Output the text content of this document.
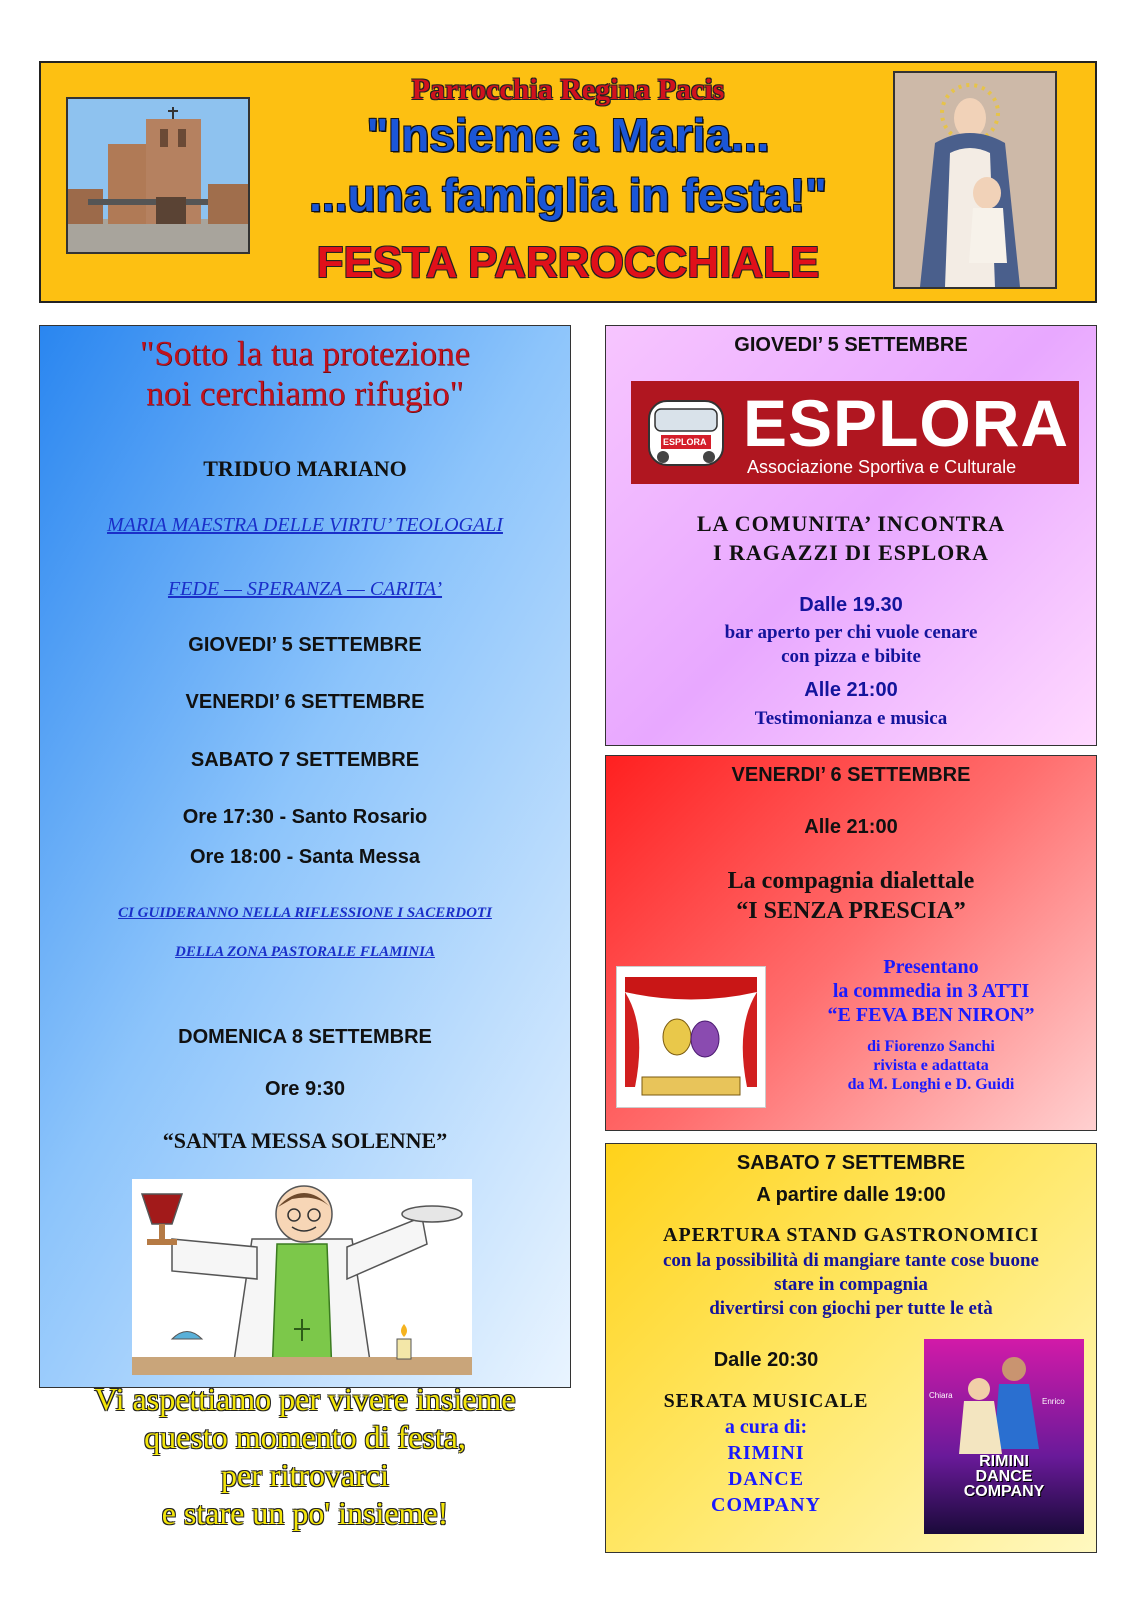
Parrocchia Regina Pacis
"Insieme a Maria...
...una famiglia in festa!"
FESTA PARROCCHIALE
"Sotto la tua protezione
noi cerchiamo rifugio"
TRIDUO MARIANO
MARIA MAESTRA DELLE VIRTU’ TEOLOGALI
FEDE — SPERANZA — CARITA’
GIOVEDI’ 5 SETTEMBRE
VENERDI’ 6 SETTEMBRE
SABATO 7 SETTEMBRE
Ore 17:30 - Santo Rosario
Ore 18:00 - Santa Messa
CI GUIDERANNO NELLA RIFLESSIONE I SACERDOTI
DELLA ZONA PASTORALE FLAMINIA
DOMENICA 8 SETTEMBRE
Ore 9:30
“SANTA MESSA SOLENNE”
Vi aspettiamo per vivere insieme
questo momento di festa,
per ritrovarci
e stare un po' insieme!
GIOVEDI’ 5 SETTEMBRE
ESPLORA ESPLORA
Associazione Sportiva e Culturale
LA COMUNITA’ INCONTRA
I RAGAZZI DI ESPLORA
Dalle 19.30
bar aperto per chi vuole cenare
con pizza e bibite
Alle 21:00
Testimonianza e musica
VENERDI’ 6 SETTEMBRE
Alle 21:00
La compagnia dialettale
“I SENZA PRESCIA”
Presentano
la commedia in 3 ATTI
“E FEVA BEN NIRON”
di Fiorenzo Sanchi
rivista e adattata
da M. Longhi e D. Guidi
SABATO 7 SETTEMBRE
A partire dalle 19:00
APERTURA STAND GASTRONOMICI
con la possibilità di mangiare tante cose buone
stare in compagnia
divertirsi con giochi per tutte le età
Dalle 20:30
SERATA MUSICALE
a cura di:
RIMINI
DANCE
COMPANY
Chiara
Enrico
RIMINI
DANCE
COMPANY
